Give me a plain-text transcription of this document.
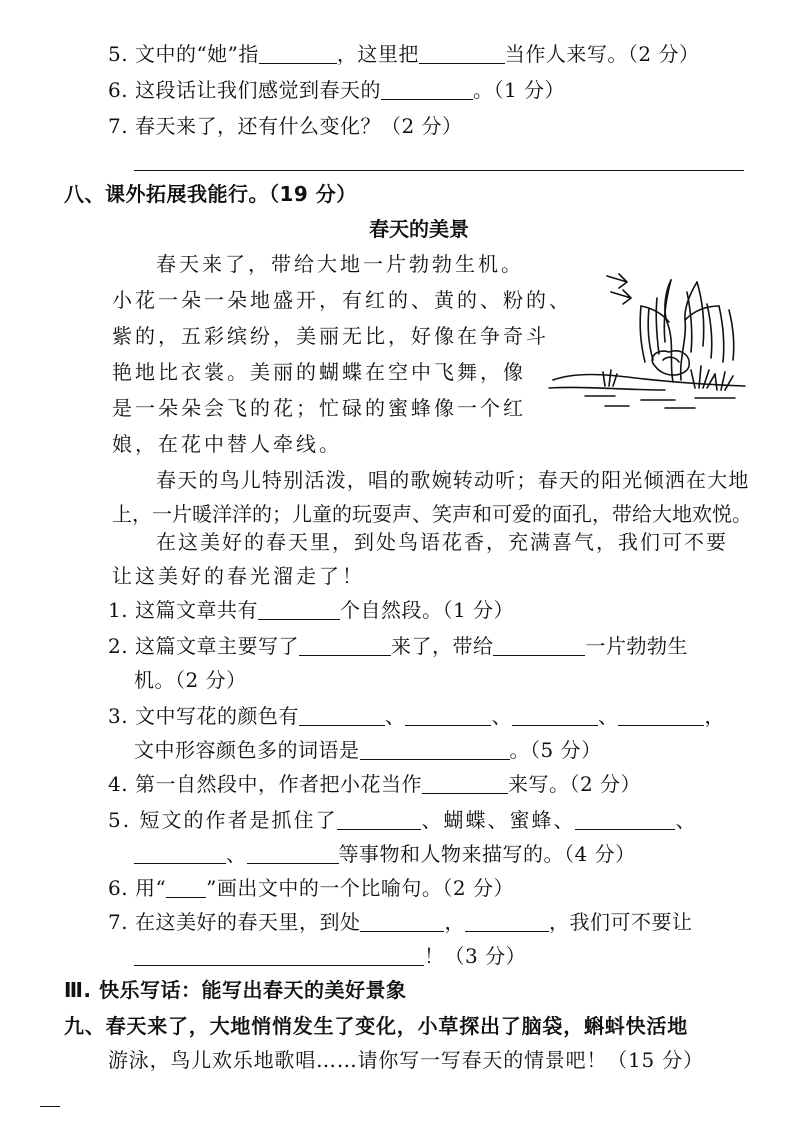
5. 文中的“她”指	，这里把	当作人来写。（2 分）
6. 这段话让我们感觉到春天的	。（1 分）
7. 春天来了，还有什么变化？（2 分）
八、课外拓展我能行。（19 分）
春天的美景
春天来了，带给大地一片勃勃生机。
小花一朵一朵地盛开，有红的、黄的、粉的、
紫的，五彩缤纷，美丽无比，好像在争奇斗
艳地比衣裳。美丽的蝴蝶在空中飞舞，像
是一朵朵会飞的花；忙碌的蜜蜂像一个红
娘，在花中替人牵线。
春天的鸟儿特别活泼，唱的歌婉转动听；春天的阳光倾洒在大地
上，一片暖洋洋的；儿童的玩耍声、笑声和可爱的面孔，带给大地欢悦。
在这美好的春天里，到处鸟语花香，充满喜气，我们可不要
让这美好的春光溜走了！
1. 这篇文章共有	个自然段。（1 分）
2. 这篇文章主要写了	来了，带给	一片勃勃生
机。（2 分）
3. 文中写花的颜色有	、	、	、	，
文中形容颜色多的词语是	。（5 分）
4. 第一自然段中，作者把小花当作	来写。（2 分）
5. 短文的作者是抓住了	、蝴蝶、蜜蜂、	、
、	等事物和人物来描写的。（4 分）
6. 用“ ”画出文中的一个比喻句。（2 分）
7. 在这美好的春天里，到处	，	，我们可不要让
！（3 分）
Ⅲ. 快乐写话：能写出春天的美好景象
九、春天来了，大地悄悄发生了变化，小草探出了脑袋，蝌蚪快活地
游泳，鸟儿欢乐地歌唱……请你写一写春天的情景吧！（15 分）
